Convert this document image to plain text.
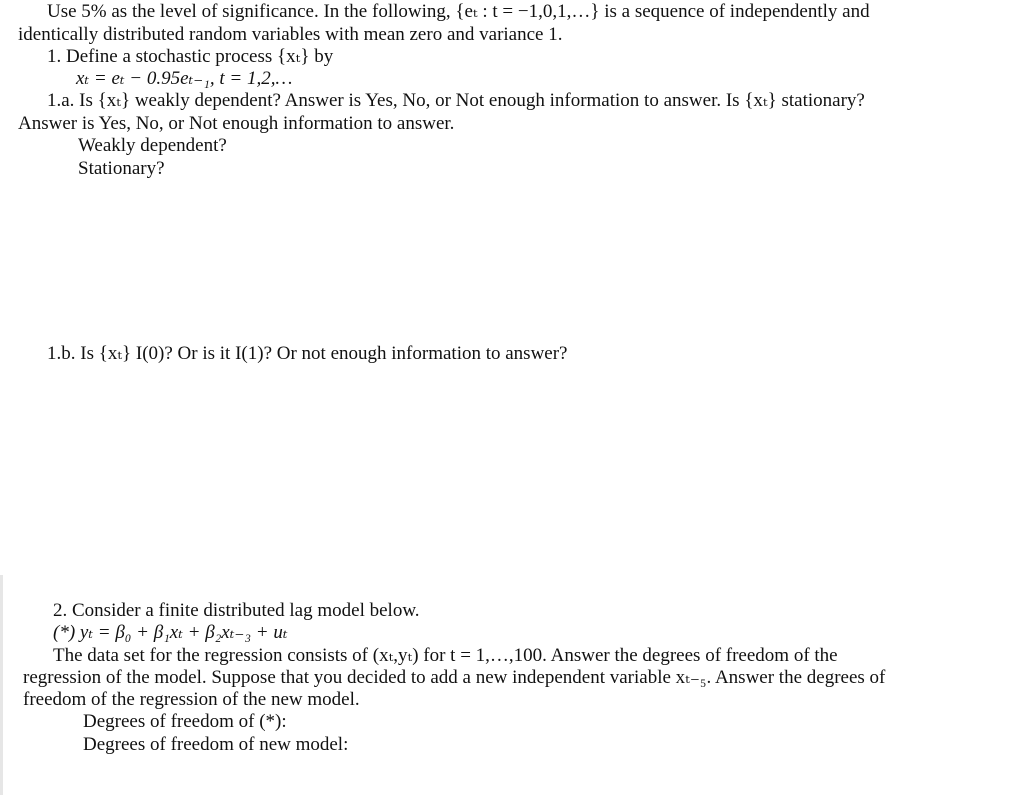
Use 5% as the level of significance. In the following, {eₜ : t = −1,0,1,…} is a sequence of independently and
identically distributed random variables with mean zero and variance 1.
1. Define a stochastic process {xₜ} by
xₜ = eₜ − 0.95eₜ₋₁, t = 1,2,…
1.a. Is {xₜ} weakly dependent? Answer is Yes, No, or Not enough information to answer. Is {xₜ} stationary?
Answer is Yes, No, or Not enough information to answer.
Weakly dependent?
Stationary?
1.b. Is {xₜ} I(0)? Or is it I(1)? Or not enough information to answer?
2. Consider a finite distributed lag model below.
(*) yₜ = β₀ + β₁xₜ + β₂xₜ₋₃ + uₜ
The data set for the regression consists of (xₜ,yₜ) for t = 1,…,100. Answer the degrees of freedom of the
regression of the model. Suppose that you decided to add a new independent variable xₜ₋₅. Answer the degrees of
freedom of the regression of the new model.
Degrees of freedom of (*):
Degrees of freedom of new model:
